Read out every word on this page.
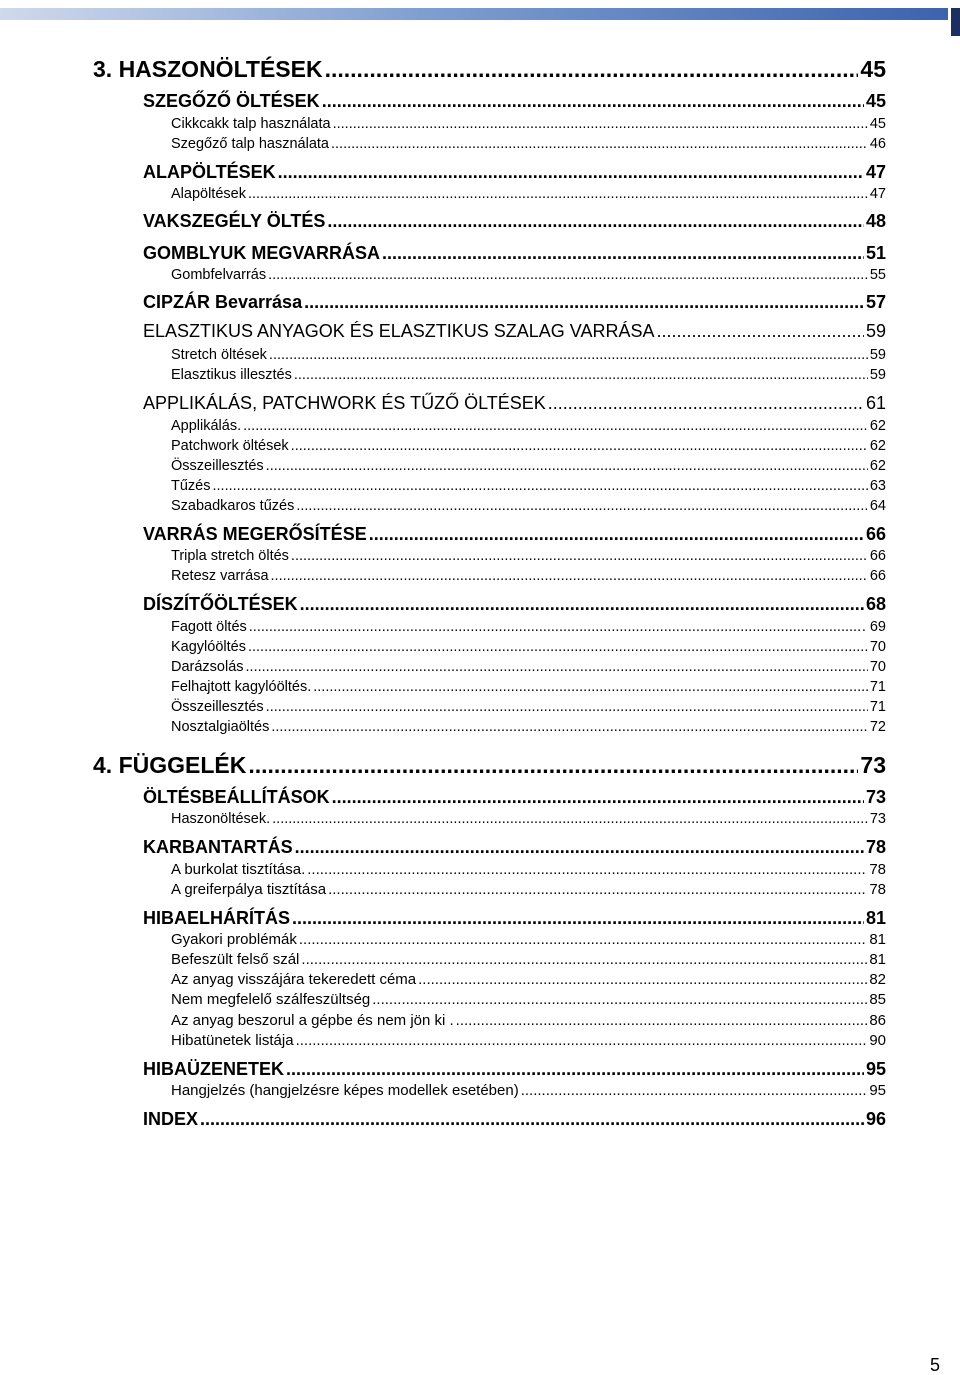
3. HASZONÖLTÉSEK .....	45
SZEGŐZŐ ÖLTÉSEK .....	45
Cikkcakk talp használata .....	45
Szegőző talp használata .....	46
ALAPÖLTÉSEK .....	47
Alapöltések .....	47
VAKSZEGÉLY ÖLTÉS .....	48
GOMBLYUK MEGVARRÁSA .....	51
Gombfelvarrás .....	55
CIPZÁR Bevarrása .....	57
ELASZTIKUS ANYAGOK ÉS ELASZTIKUS SZALAG VARRÁSA .....	59
Stretch öltések .....	59
Elasztikus illesztés .....	59
APPLIKÁLÁS, PATCHWORK ÉS TŰZŐ ÖLTÉSEK .....	61
Applikálás. .....	62
Patchwork öltések .....	62
Összeillesztés .....	62
Tűzés .....	63
Szabadkaros tűzés .....	64
VARRÁS MEGERŐSÍTÉSE .....	66
Tripla stretch öltés .....	66
Retesz varrása .....	66
DÍSZÍTŐÖLTÉSEK .....	68
Fagott öltés .....	. 69
Kagylóöltés .....	70
Darázsolás .....	70
Felhajtott kagylóöltés. .....	71
Összeillesztés .....	71
Nosztalgiaöltés .....	72
4. FÜGGELÉK .....	73
ÖLTÉSBEÁLLÍTÁSOK .....	73
Haszonöltések. .....	73
KARBANTARTÁS .....	78
A burkolat tisztítása. .....	78
A greiferpálya tisztítása .....	78
HIBAELHÁRÍTÁS .....	81
Gyakori problémák .....	81
Befeszült felső szál .....	81
Az anyag visszájára tekeredett céma .....	82
Nem megfelelő szálfeszültség .....	85
Az anyag beszorul a gépbe és nem jön ki . .....	86
Hibatünetek listája .....	90
HIBAÜZENETEK .....	95
Hangjelzés (hangjelzésre képes modellek esetében) .....	95
INDEX .....	96
5
